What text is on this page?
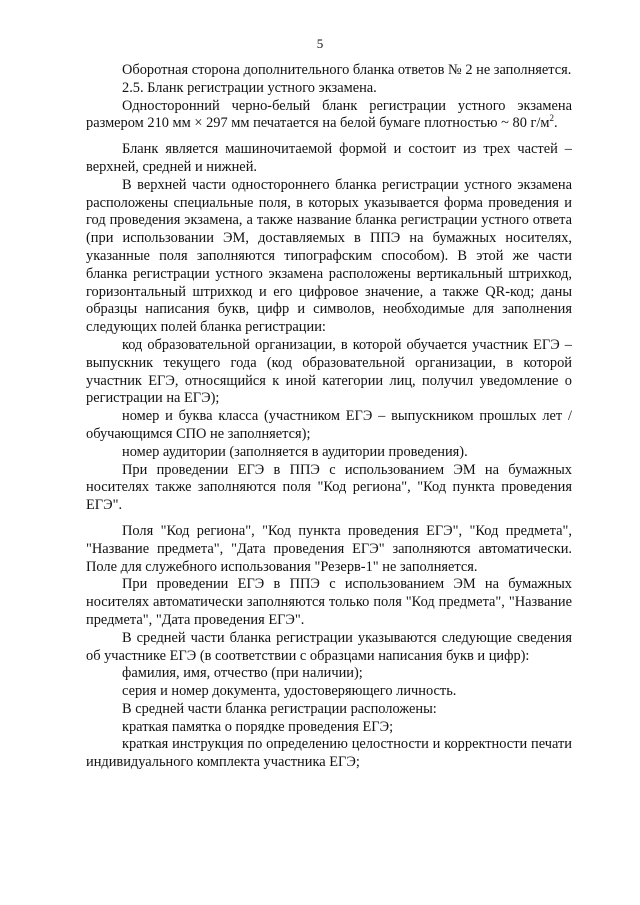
5

Оборотная сторона дополнительного бланка ответов № 2 не заполняется.

2.5. Бланк регистрации устного экзамена.

Односторонний черно-белый бланк регистрации устного экзамена размером 210 мм × 297 мм печатается на белой бумаге плотностью ~ 80 $г/м^2$.

Бланк является машиночитаемой формой и состоит из трех частей – верхней, средней и нижней.

В верхней части одностороннего бланка регистрации устного экзамена расположены специальные поля, в которых указывается форма проведения и год проведения экзамена, а также название бланка регистрации устного ответа (при использовании ЭМ, доставляемых в ППЭ на бумажных носителях, указанные поля заполняются типографским способом). В этой же части бланка регистрации устного экзамена расположены вертикальный штрихкод, горизонтальный штрихкод и его цифровое значение, а также QR-код; даны образцы написания букв, цифр и символов, необходимые для заполнения следующих полей бланка регистрации:

код образовательной организации, в которой обучается участник ЕГЭ – выпускник текущего года (код образовательной организации, в которой участник ЕГЭ, относящийся к иной категории лиц, получил уведомление о регистрации на ЕГЭ);

номер и буква класса (участником ЕГЭ – выпускником прошлых лет / обучающимся СПО не заполняется);

номер аудитории (заполняется в аудитории проведения).

При проведении ЕГЭ в ППЭ с использованием ЭМ на бумажных носителях также заполняются поля "Код региона", "Код пункта проведения ЕГЭ".

Поля "Код региона", "Код пункта проведения ЕГЭ", "Код предмета", "Название предмета", "Дата проведения ЕГЭ" заполняются автоматически. Поле для служебного использования "Резерв-1" не заполняется.

При проведении ЕГЭ в ППЭ с использованием ЭМ на бумажных носителях автоматически заполняются только поля "Код предмета", "Название предмета", "Дата проведения ЕГЭ".

В средней части бланка регистрации указываются следующие сведения об участнике ЕГЭ (в соответствии с образцами написания букв и цифр):

фамилия, имя, отчество (при наличии);

серия и номер документа, удостоверяющего личность.

В средней части бланка регистрации расположены:

краткая памятка о порядке проведения ЕГЭ;

краткая инструкция по определению целостности и корректности печати индивидуального комплекта участника ЕГЭ;
